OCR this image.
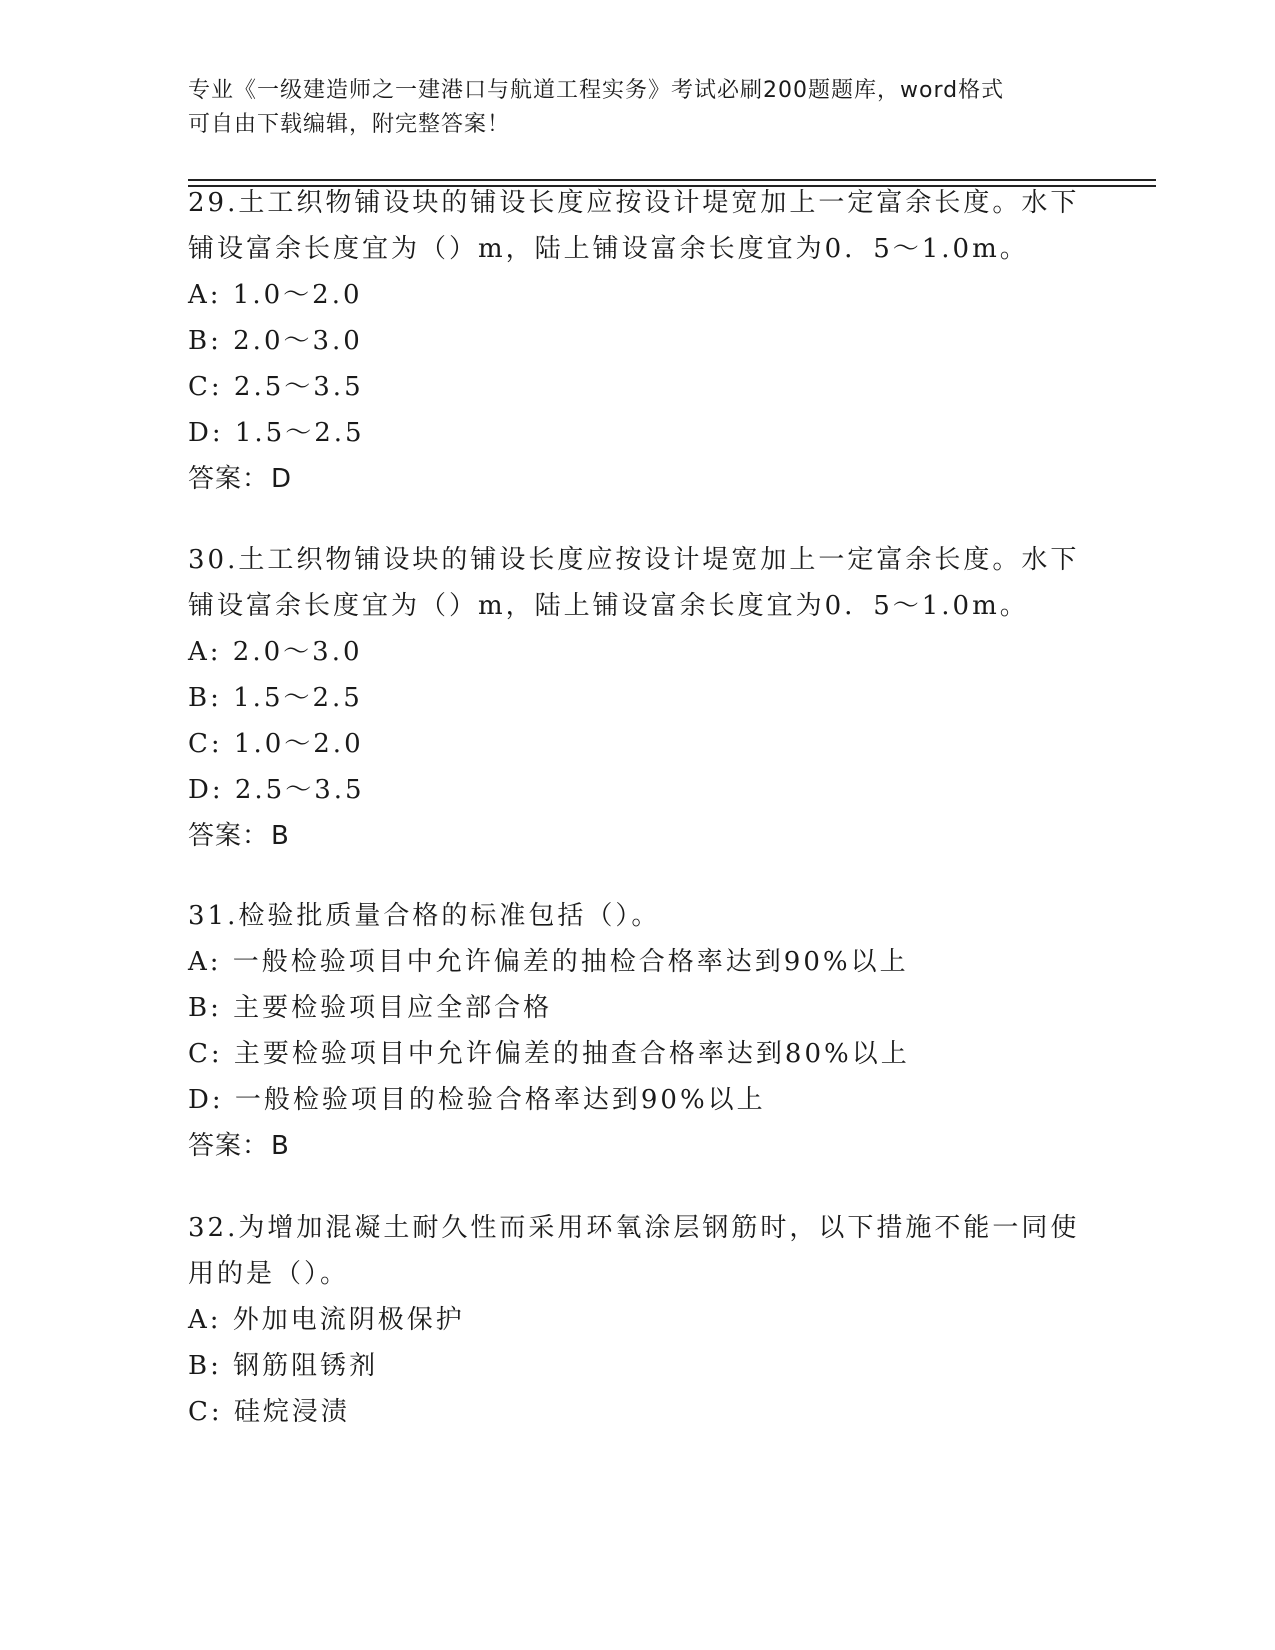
专业《一级建造师之一建港口与航道工程实务》考试必刷200题题库，word格式
可自由下载编辑，附完整答案！
29.土工织物铺设块的铺设长度应按设计堤宽加上一定富余长度。水下
铺设富余长度宜为（）m，陆上铺设富余长度宜为0．5～1.0m。
A: 1.0～2.0
B: 2.0～3.0
C: 2.5～3.5
D: 1.5～2.5
答案：D
30.土工织物铺设块的铺设长度应按设计堤宽加上一定富余长度。水下
铺设富余长度宜为（）m，陆上铺设富余长度宜为0．5～1.0m。
A: 2.0～3.0
B: 1.5～2.5
C: 1.0～2.0
D: 2.5～3.5
答案：B
31.检验批质量合格的标准包括（）。
A: 一般检验项目中允许偏差的抽检合格率达到90%以上
B: 主要检验项目应全部合格
C: 主要检验项目中允许偏差的抽查合格率达到80%以上
D: 一般检验项目的检验合格率达到90%以上
答案：B
32.为增加混凝土耐久性而采用环氧涂层钢筋时，以下措施不能一同使
用的是（）。
A: 外加电流阴极保护
B: 钢筋阻锈剂
C: 硅烷浸渍
